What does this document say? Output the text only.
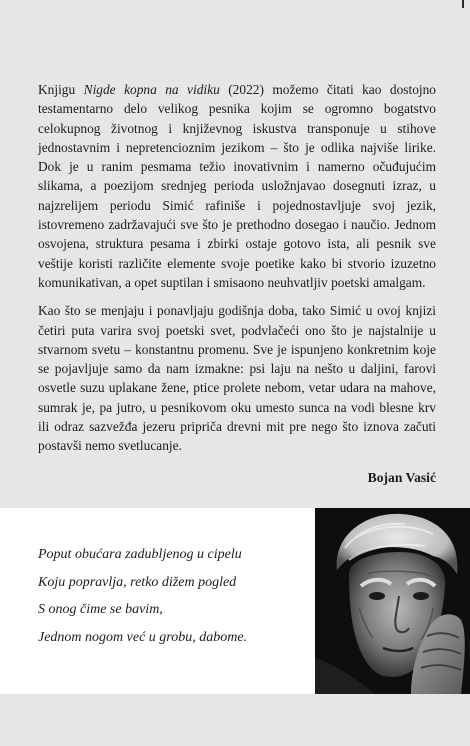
Knjigu Nigde kopna na vidiku (2022) možemo čitati kao dostojno testamentarno delo velikog pesnika kojim se ogromno bogatstvo celokupnog životnog i književnog iskustva transponuje u stihove jednostavnim i nepretencioznim jezikom – što je odlika najviše lirike. Dok je u ranim pesmama težio inovativnim i namerno očuđujućim slikama, a poezijom srednjeg perioda usložnjavao dosegnuti izraz, u najzrelijem periodu Simić rafiniše i pojednostavljuje svoj jezik, istovremeno zadržavajući sve što je prethodno dosegao i naučio. Jednom osvojena, struktura pesama i zbirki ostaje gotovo ista, ali pesnik sve veštije koristi različite elemente svoje poetike kako bi stvorio izuzetno komunikativan, a opet suptilan i smisaono neuhvatljiv poetski amalgam.

Kao što se menjaju i ponavljaju godišnja doba, tako Simić u ovoj knjizi četiri puta varira svoj poetski svet, podvlačeći ono što je najstalnije u stvarnom svetu – konstantnu promenu. Sve je ispunjeno konkretnim koje se pojavljuje samo da nam izmakne: psi laju na nešto u daljini, farovi osvetle suzu uplakane žene, ptice prolete nebom, vetar udara na mahove, sumrak je, pa jutro, u pesnikovom oku umesto sunca na vodi blesne krv ili odraz sazvežđa jezeru pripriča drevni mit pre nego što iznova začuti postavši nemo svetlucanje.

Bojan Vasić
Poput obućara zadubljenog u cipelu
Koju popravlja, retko dižem pogled
S onog čime se bavim,
Jednom nogom već u grobu, dabome.
